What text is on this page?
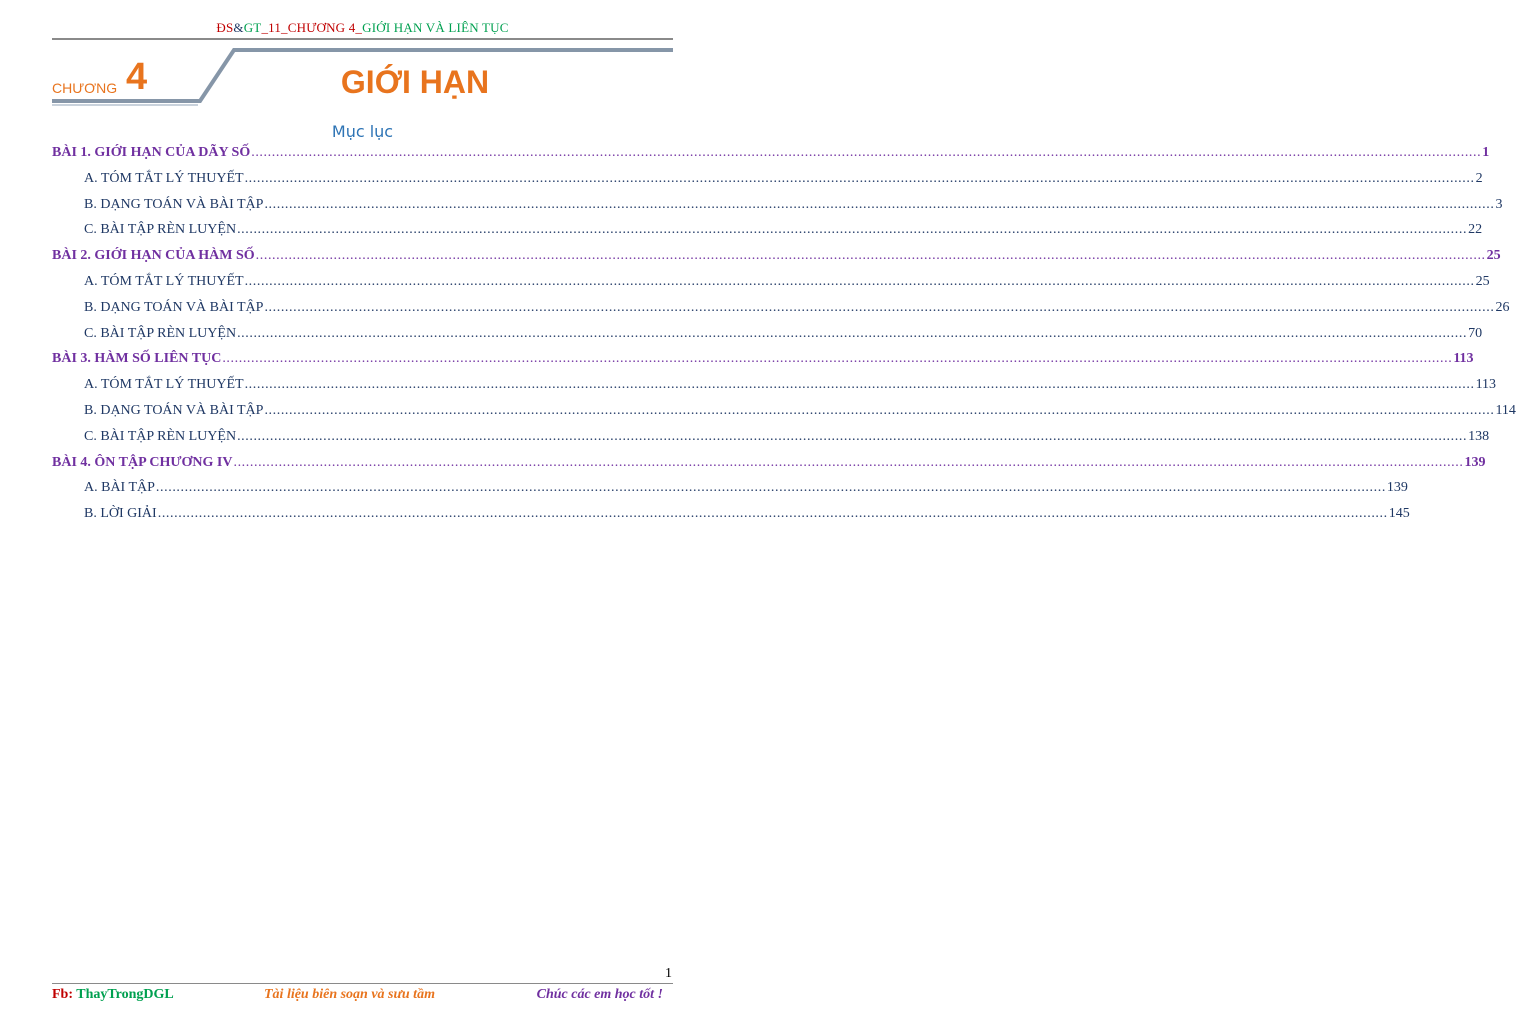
ĐS&GT_11_CHƯƠNG 4_GIỚI HẠN VÀ LIÊN TỤC
CHƯƠNG 4	GIỚI HẠN
Mục lục
BÀI 1. GIỚI HẠN CỦA DÃY SỐ ............................................................................................................................................................................................................................................................................................................ 1
A. TÓM TẮT LÝ THUYẾT ............................................................................................................................................................................................................................................................................................................ 2
B. DẠNG TOÁN VÀ BÀI TẬP ............................................................................................................................................................................................................................................................................................................ 3
C. BÀI TẬP RÈN LUYỆN ............................................................................................................................................................................................................................................................................................................ 22
BÀI 2. GIỚI HẠN CỦA HÀM SỐ ............................................................................................................................................................................................................................................................................................................ 25
A. TÓM TẮT LÝ THUYẾT ............................................................................................................................................................................................................................................................................................................ 25
B. DẠNG TOÁN VÀ BÀI TẬP ............................................................................................................................................................................................................................................................................................................ 26
C. BÀI TẬP RÈN LUYỆN ............................................................................................................................................................................................................................................................................................................ 70
BÀI 3. HÀM SỐ LIÊN TỤC ............................................................................................................................................................................................................................................................................................................ 113
A. TÓM TẮT LÝ THUYẾT ............................................................................................................................................................................................................................................................................................................ 113
B. DẠNG TOÁN VÀ BÀI TẬP ............................................................................................................................................................................................................................................................................................................ 114
C. BÀI TẬP RÈN LUYỆN ............................................................................................................................................................................................................................................................................................................ 138
BÀI 4. ÔN TẬP CHƯƠNG IV ............................................................................................................................................................................................................................................................................................................ 139
A. BÀI TẬP ............................................................................................................................................................................................................................................................................................................ 139
B. LỜI GIẢI ............................................................................................................................................................................................................................................................................................................ 145
1
Fb: ThayTrongDGL	Tài liệu biên soạn và sưu tầm	Chúc các em học tốt !
